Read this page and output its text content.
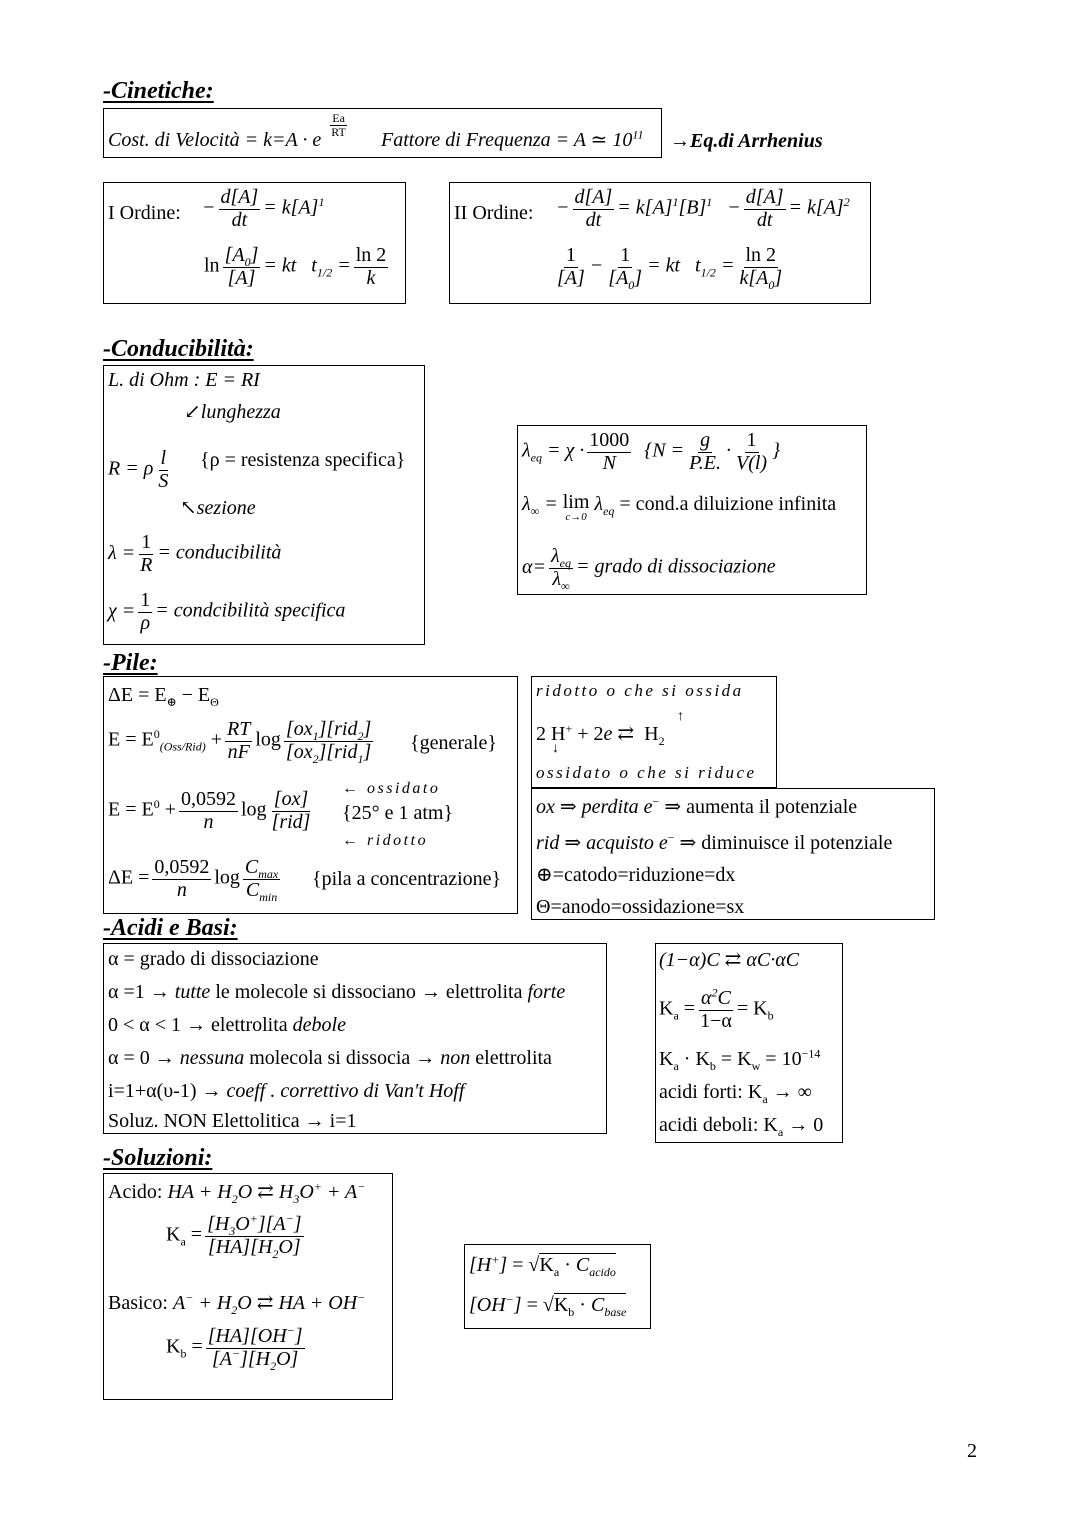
-Cinetiche:
Cost. di Velocità = k=A · e
$\frac{Ea}{RT}$
Fattore di Frequenza = A ≃ $10^{11} \to Eq.di$ Arrhenius
I Ordine: − $\frac{d[A]}{dt} = k[A]^1$
$\ln \frac{[A_0]}{[A]}$ = kt   $t_{1/2} = \frac{\ln 2}{k}$
II Ordine: − $\frac{d[A]}{dt} = k[A]^1[B]^1 - \frac{d[A]}{dt} = k[A]^2$
$\frac{1}{[A]} - \frac{1}{[A_0]}$ = kt   $t_{1/2} = \frac{\ln 2}{k[A_0]}$
-Conducibilità:
L. di Ohm : E = RI
↙lunghezza
R = ρ $\frac{l}{S} \{\rho$ = resistenza specifica}
↖sezione
$\lambda = \frac{1}{R}$ = conducibilità
$\chi = \frac{1}{\rho}$ = condcibilità specifica
$\lambda_{eq} = \chi \cdot \frac{1000}{N} \{N = \frac{g}{P.E.} \cdot \frac{1}{V(l)}$ }
$\lambda_\infty = \lim$
c→0
$\lambda_{eq}$ = cond.a diluizione infinita
$\alpha= \frac{\lambda_{eq}}{\lambda_\infty}$ = grado di dissociazione
-Pile:
$\Delta E = E_\oplus - E_\Theta$
$E = E^0_{(Oss/Rid)} + \frac{RT}{nF}$ $\log \frac{[ox_1][rid_2]}{[ox_2][rid_1]}$ {generale}
$E = E^0 + \frac{0,0592}{n}$ $\log \frac{[ox]}{\text{[rid]}}$
← ossidato
{25° e 1 atm}
← ridotto
$\Delta E = \frac{0,0592}{n}$ $\log \frac{C_{max}}{C_{min}}$ {pila a concentrazione}
ridotto o che si ossida
2 H+ + 2e ⇄  $H_2$
↑
↓
ossidato o che si riduce
ox ⇒ perdita e− ⇒ aumenta il potenziale
rid ⇒ acquisto e− ⇒ diminuisce il potenziale
⊕=catodo=riduzione=dx
Θ=anodo=ossidazione=sx
-Acidi e Basi:
α = grado di dissociazione
α =1 → tutte le molecole si dissociano → elettrolita forte
0 < α < 1 → elettrolita debole
α = 0 → nessuna molecola si dissocia → non elettrolita
i=1+α(υ-1) → coeff . correttivo di Van't Hoff
Soluz. NON Elettolitica → i=1
(1−α)C ⇄ αC·αC
$K_a = \frac{\alpha^2C}{1-\alpha} = K_b$
$K_a \cdot K_b = K_w = 10^{-14}$
acidi forti: $K_a$ → ∞
acidi deboli: $K_a \to 0$
-Soluzioni:
Acido: HA + $H_2O$ ⇄ $H_3O^+ + A^-$
$K_a = \frac{[H_3O^+][A^-]}{[HA][H_2O]}$
Basico: $A^- + H_2O$ ⇄ HA + OH−
$K_b = \frac{[HA][OH^-]}{[A^-][H_2O]}$
$[H^+] = √K_a \cdot C_{acido}$
$[OH^-] = √K_b \cdot C_{base}$
2
